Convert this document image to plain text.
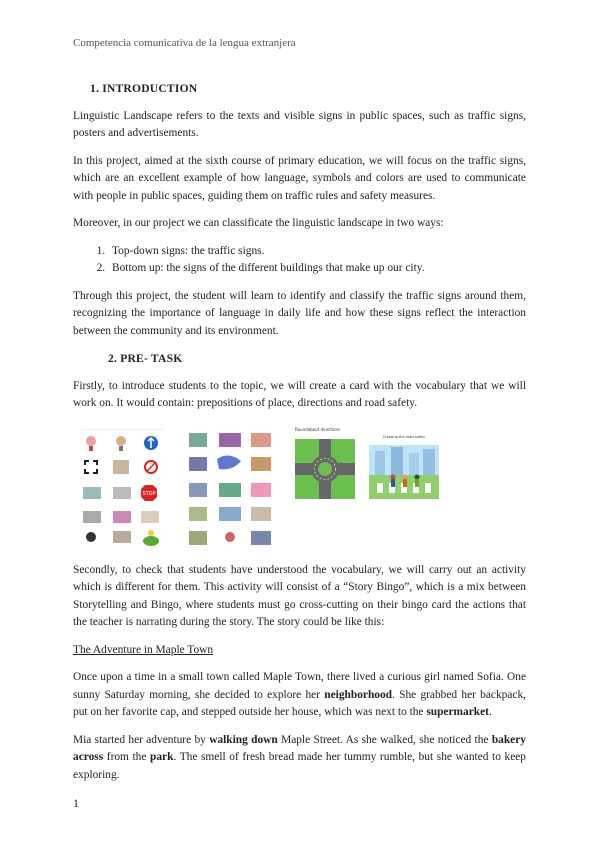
Competencia comunicativa de la lengua extranjera
1. INTRODUCTION

Linguistic Landscape refers to the texts and visible signs in public spaces, such as traffic signs, posters and advertisements.

In this project, aimed at the sixth course of primary education, we will focus on the traffic signs, which are an excellent example of how language, symbols and colors are used to communicate with people in public spaces, guiding them on traffic rules and safety measures.

Moreover, in our project we can classificate the linguistic landscape in two ways:

1. Top-down signs: the traffic signs.
2. Bottom up: the signs of the different buildings that make up our city.

Through this project, the student will learn to identify and classify the traffic signs around them, recognizing the importance of language in daily life and how these signs reflect the interaction between the community and its environment.

2. PRE- TASK

Firstly, to introduce students to the topic, we will create a card with the vocabulary that we will work on. It would contain: prepositions of place, directions and road safety.

STOP
Roundabout directions
Crossing the road safely

Secondly, to check that students have understood the vocabulary, we will carry out an activity which is different for them. This activity will consist of a “Story Bingo”, which is a mix between Storytelling and Bingo, where students must go cross-cutting on their bingo card the actions that the teacher is narrating during the story. The story could be like this:

The Adventure in Maple Town

Once upon a time in a small town called Maple Town, there lived a curious girl named Sofia. One sunny Saturday morning, she decided to explore her neighborhood. She grabbed her backpack, put on her favorite cap, and stepped outside her house, which was next to the supermarket.

Mia started her adventure by walking down Maple Street. As she walked, she noticed the bakery across from the park. The smell of fresh bread made her tummy rumble, but she wanted to keep exploring.

1
